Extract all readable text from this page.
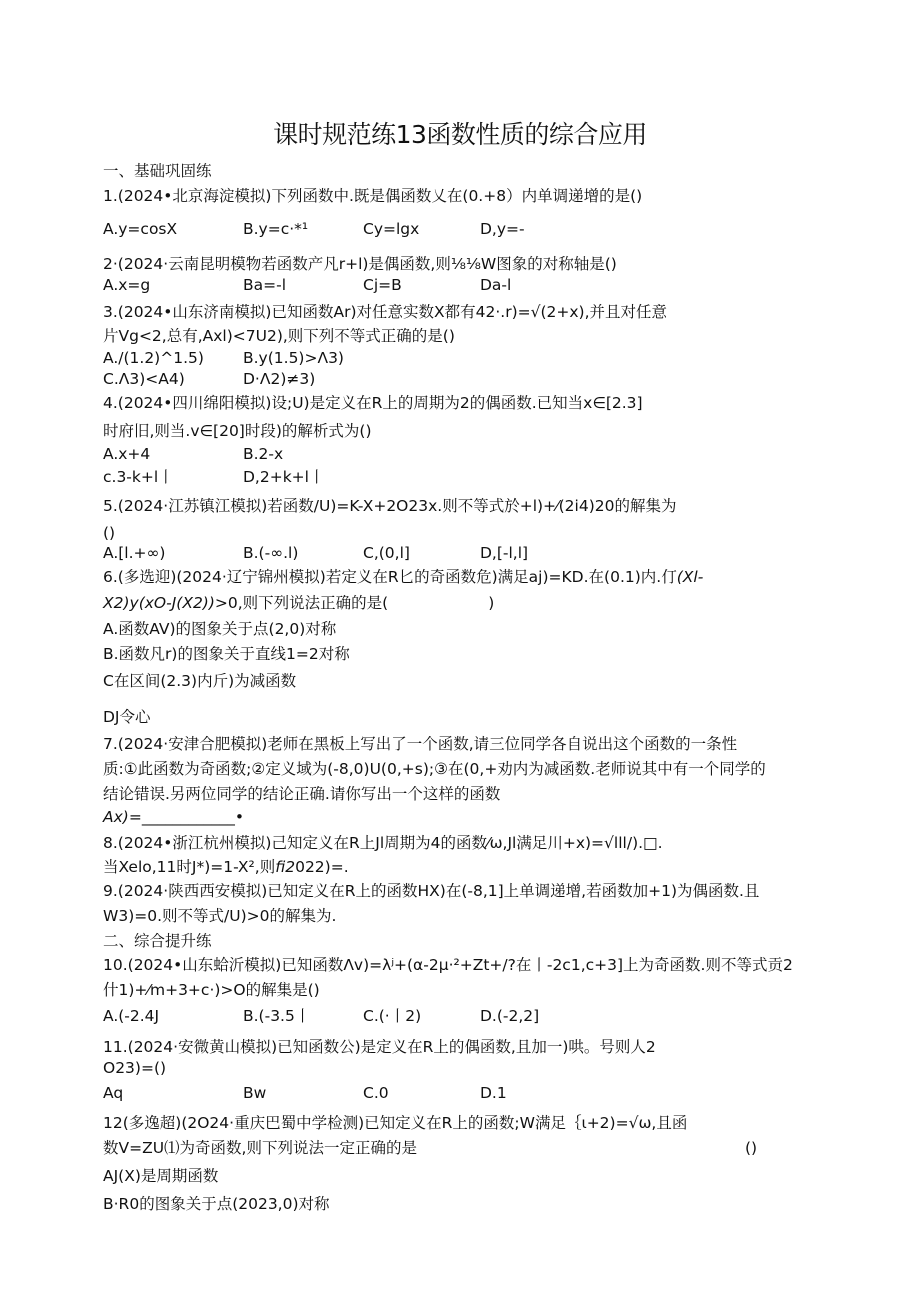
课时规范练13函数性质的综合应用
一、基础巩固练
1.(2024•北京海淀模拟)下列函数中.既是偶函数乂在(0.+8）内单调递增的是()
A.y=cosX	B.y=c·*¹	Cy=lgx	D,y=-
2·(2024·云南昆明模物若函数产凡r+l)是偶函数,则⅛⅛W图象的对称轴是()
A.x=g	Ba=-l	Cj=B	Da-l
3.(2024•山东济南模拟)已知函数Ar)对任意实数X都有42·.r)=√(2+x),并且对任意
片Vg<2,总有,Axl)<7U2),则下列不等式正确的是()
A./(1.2)^1.5)	B.y(1.5)>Λ3)
C.Λ3)<A4)	D·Λ2)≠3)
4.(2024•四川绵阳模拟)设;U)是定义在R上的周期为2的偶函数.已知当x∈[2.3]
时府旧,则当.v∈[20]时段)的解析式为()
A.x+4	B.2-x
c.3-k+l丨	D,2+k+l丨
5.(2024·江苏镇江模拟)若函数/U)=K-X+2O23x.则不等式於+l)+⁄(2i4)20的解集为
()
A.[l.+∞)	B.(-∞.l)	C,(0,l]	D,[-l,l]
6.(多选迎)(2024·辽宁锦州模拟)若定义在R匕的奇函数危)满足aj)=KD.在(0.1)内.仃(Xl-
X2)y(xO-J(X2))>0,则下列说法正确的是(	)
A.函数AV)的图象关于点(2,0)对称
B.函数凡r)的图象关于直线1=2对称
C在区间(2.3)内斤)为减函数
DJ令心
7.(2024·安津合肥模拟)老师在黑板上写出了一个函数,请三位同学各自说出这个函数的一条性
质:①此函数为奇函数;②定义域为(-8,0)U(0,+s);③在(0,+劝内为减函数.老师说其中有一个同学的
结论错误.另两位同学的结论正确.请你写出一个这样的函数
Ax)=____________•
8.(2024•浙江杭州模拟)己知定义在R上Jl周期为4的函数⁄ω,Jl满足川+x)=√lll/).□.
当Xelo,11时J*)=1-X²,则fi2022)=.
9.(2024·陕西西安模拟)已知定义在R上的函数HX)在(-8,1]上单调递增,若函数加+1)为偶函数.且
W3)=0.则不等式/U)>0的解集为.
二、综合提升练
10.(2024•山东蛤沂模拟)已知函数Λv)=λʲ+(α-2μ·²+Zt+/?在丨-2c1,c+3]上为奇函数.则不等式贡2
什1)+⁄m+3+c·)>O的解集是()
A.(-2.4J	B.(-3.5丨	C.(·丨2)	D.(-2,2]
11.(2024·安微黄山模拟)已知函数公)是定义在R上的偶函数,且加一)哄。号则人2
O23)=()
Aq	Bw	C.0	D.1
12(多逸超)(2O24·重庆巴蜀中学检测)已知定义在R上的函数;W满足｛ι+2)=√ω,且函
数V=ZU⑴为奇函数,则下列说法一定正确的是	()
AJ(X)是周期函数
B·R0的图象关于点(2023,0)对称
